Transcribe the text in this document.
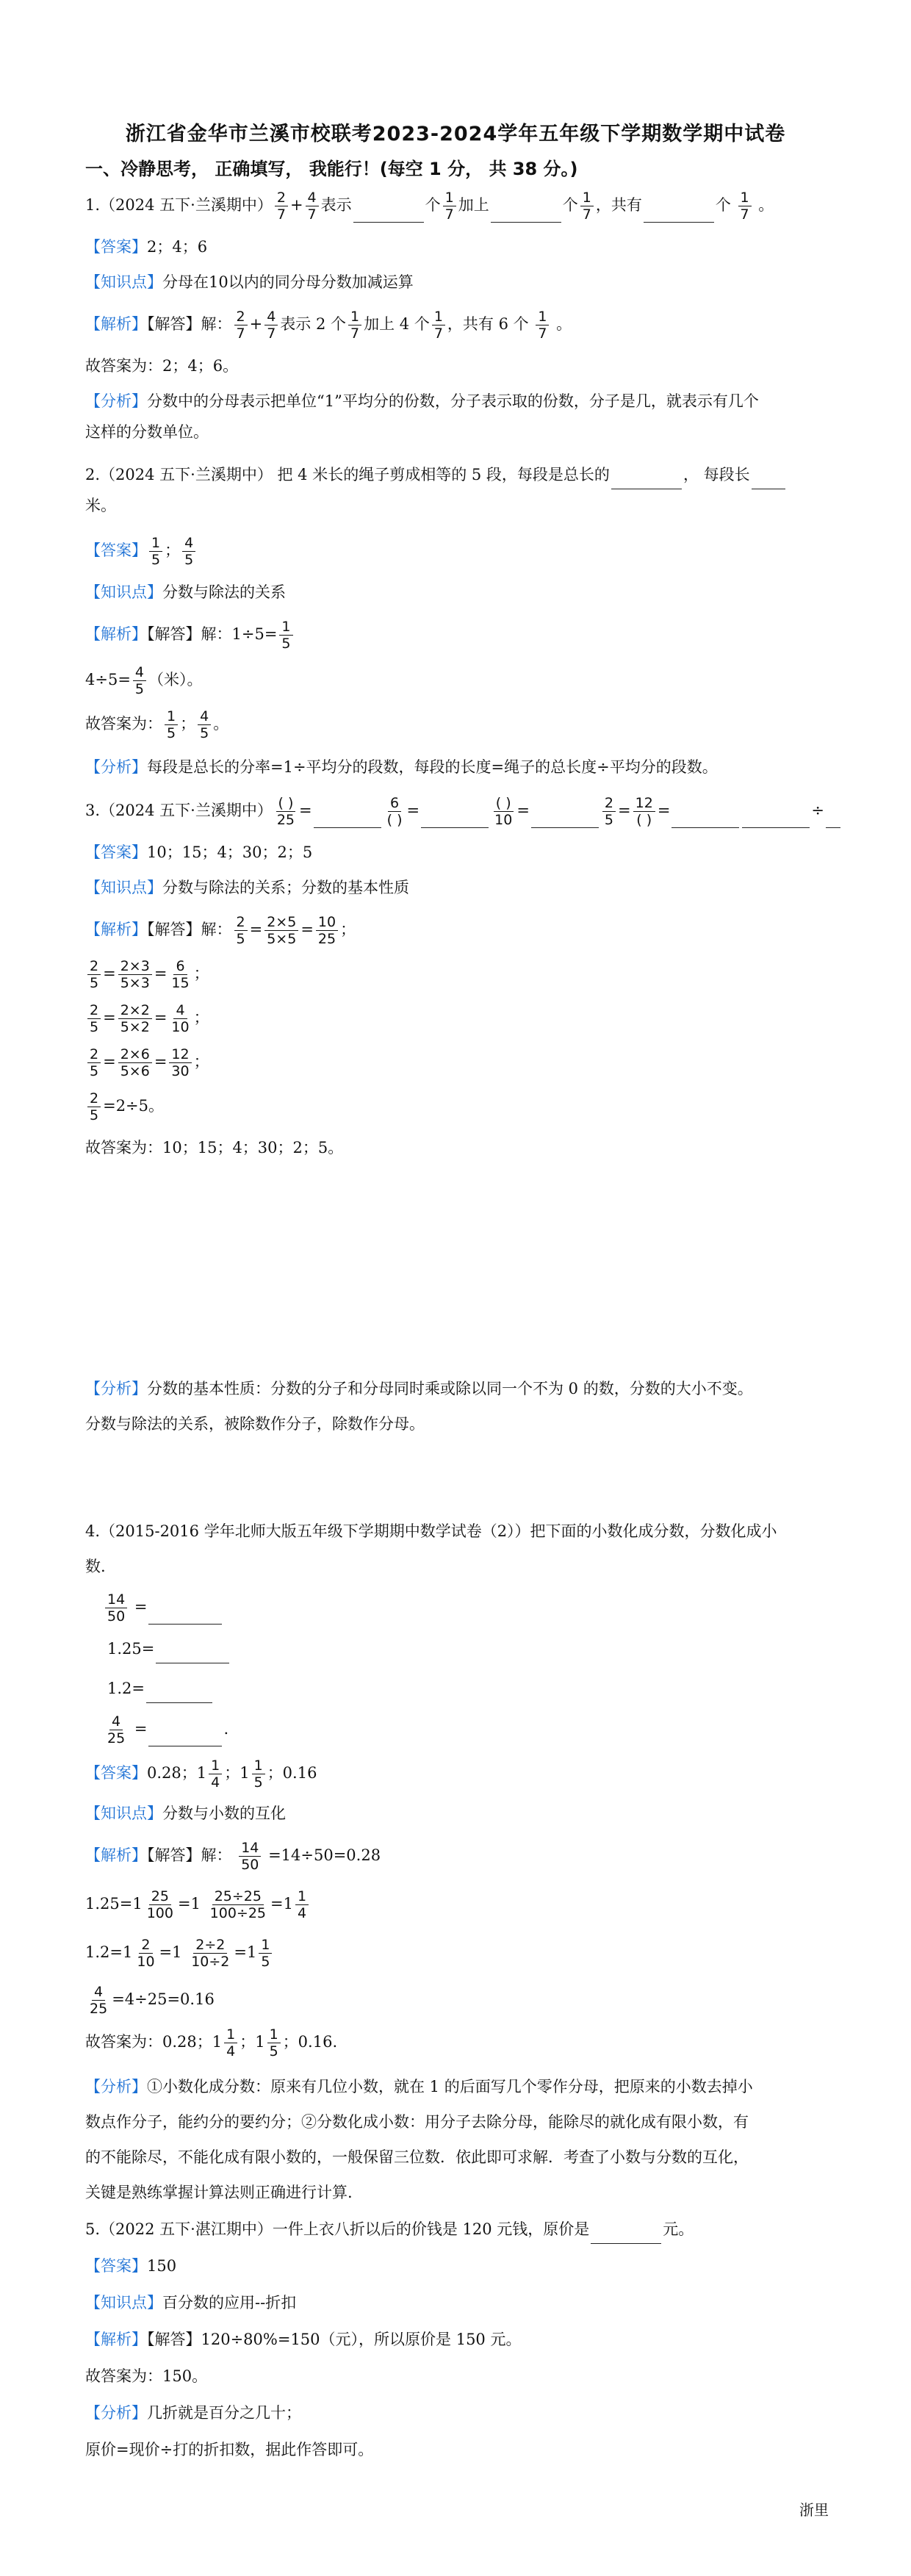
浙江省金华市兰溪市校联考2023-2024学年五年级下学期数学期中试卷
一、冷静思考， 正确填写， 我能行！(每空 1 分， 共 38 分。)
1.（2024 五下·兰溪期中） $\frac{2}{7} + \frac{4}{7}$ 表示	个 $\frac{1}{7}$ 加上	个 $\frac{1}{7}$ ，共有	个 $\frac{1}{7}$ 。
【答案】2；4；6
【知识点】分母在10以内的同分母分数加减运算
【解析】【解答】解： $\frac{2}{7} + \frac{4}{7}$ 表示 2 个 $\frac{1}{7}$ 加上 4 个 $\frac{1}{7}$ ，共有 6 个 $\frac{1}{7}$ 。
故答案为：2；4；6。
【分析】分数中的分母表示把单位“1”平均分的份数，分子表示取的份数，分子是几，就表示有几个
这样的分数单位。
2.（2024 五下·兰溪期中） 把 4 米长的绳子剪成相等的 5 段，每段是总长的	， 每段长
米。
【答案】 $\frac{1}{5}$ ； $\frac{4}{5}$
【知识点】分数与除法的关系
【解析】【解答】解：$1\div 5= \frac{1}{5}$
$4\div 5= \frac{4}{5}$ （米）。
故答案为： $\frac{1}{5}$ ； $\frac{4}{5}$ 。
【分析】每段是总长的分率=1÷平均分的段数，每段的长度=绳子的总长度÷平均分的段数。
3.（2024 五下·兰溪期中） $\frac{( )}{25}$ =	$\frac{6}{( )}$ =	$\frac{( )}{10}$ =	$\frac{2}{5} = \frac{12}{( )}$ =	÷
【答案】10；15；4；30；2；5
【知识点】分数与除法的关系；分数的基本性质
【解析】【解答】解： $\frac{2}{5} = \frac{2\times 5}{5\times 5} = \frac{10}{25}$ ；
$\frac{2}{5} = \frac{2\times 3}{5\times 3} = \frac{6}{15}$ ；
$\frac{2}{5} = \frac{2\times 2}{5\times 2} = \frac{4}{10}$ ；
$\frac{2}{5} = \frac{2\times 6}{5\times 6} = \frac{12}{30}$ ；
$\frac{2}{5} =2\div 5$。
故答案为：10；15；4；30；2；5。
【分析】分数的基本性质：分数的分子和分母同时乘或除以同一个不为 0 的数，分数的大小不变。
分数与除法的关系，被除数作分子，除数作分母。
4.（2015-2016 学年北师大版五年级下学期期中数学试卷（2））把下面的小数化成分数，分数化成小
数.
$\frac{14}{50}$ =
1.25=
1.2=
$\frac{4}{25}$ =	.
【答案】0.28；$1 \frac{1}{4}$ ；$1 \frac{1}{5}$ ；0.16
【知识点】分数与小数的互化
【解析】【解答】解： $\frac{14}{50} =14\div 50=0.28$
$1.25=1 \frac{25}{100} =1 \frac{25\div 25}{100\div 25} =1 \frac{1}{4}$
$1.2=1 \frac{2}{10} =1 \frac{2\div 2}{10\div 2} =1 \frac{1}{5}$
$\frac{4}{25} =4\div 25=0.16$
故答案为：0.28；$1 \frac{1}{4}$ ；$1 \frac{1}{5}$ ；0.16.
【分析】①小数化成分数：原来有几位小数，就在 1 的后面写几个零作分母，把原来的小数去掉小
数点作分子，能约分的要约分；②分数化成小数：用分子去除分母，能除尽的就化成有限小数，有
的不能除尽，不能化成有限小数的，一般保留三位数．依此即可求解．考查了小数与分数的互化，
关键是熟练掌握计算法则正确进行计算.
5.（2022 五下·湛江期中）一件上衣八折以后的价钱是 120 元钱，原价是	元。
【答案】150
【知识点】百分数的应用--折扣
【解析】【解答】120÷80%=150（元），所以原价是 150 元。
故答案为：150。
【分析】几折就是百分之几十；
原价=现价÷打的折扣数，据此作答即可。
浙里
